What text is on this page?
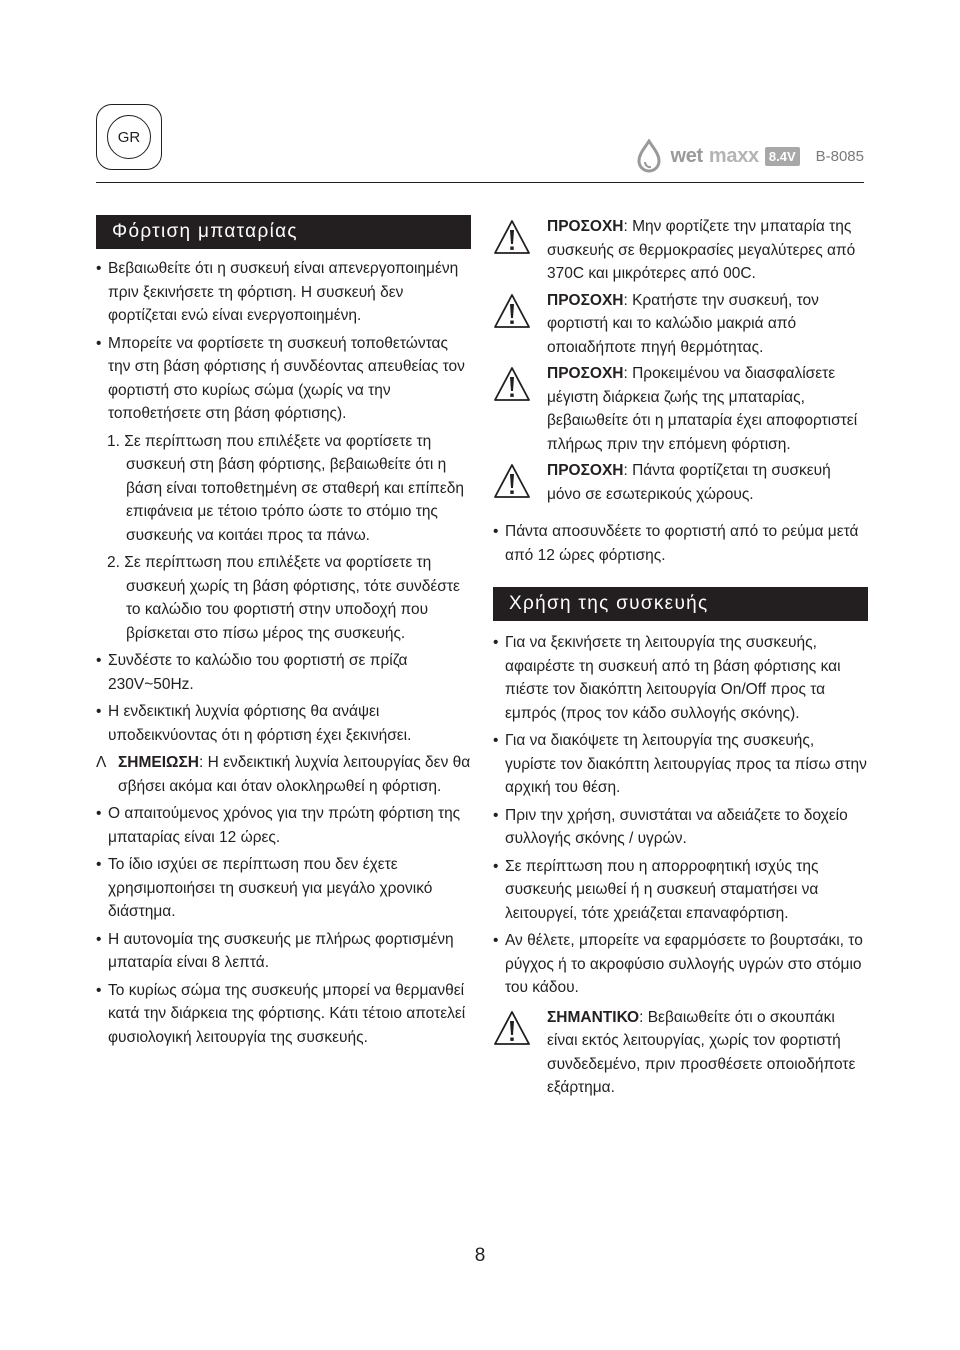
GR
wet maxx 8.4V B-8085
Φόρτιση μπαταρίας
• Βεβαιωθείτε ότι η συσκευή είναι απενεργοποιημένη πριν ξεκινήσετε τη φόρτιση. Η συσκευή δεν φορτίζεται ενώ είναι ενεργοποιημένη.
• Μπορείτε να φορτίσετε τη συσκευή τοποθετώντας την στη βάση φόρτισης ή συνδέοντας απευθείας τον φορτιστή στο κυρίως σώμα (χωρίς να την τοποθετήσετε στη βάση φόρτισης).
1. Σε περίπτωση που επιλέξετε να φορτίσετε τη συσκευή στη βάση φόρτισης, βεβαιωθείτε ότι η βάση είναι τοποθετημένη σε σταθερή και επίπεδη επιφάνεια με τέτοιο τρόπο ώστε το στόμιο της συσκευής να κοιτάει προς τα πάνω.
2. Σε περίπτωση που επιλέξετε να φορτίσετε τη συσκευή χωρίς τη βάση φόρτισης, τότε συνδέστε το καλώδιο του φορτιστή στην υποδοχή που βρίσκεται στο πίσω μέρος της συσκευής.
• Συνδέστε το καλώδιο του φορτιστή σε πρίζα 230V~50Hz.
• Η ενδεικτική λυχνία φόρτισης θα ανάψει υποδεικνύοντας ότι η φόρτιση έχει ξεκινήσει.
Λ ΣΗΜΕΙΩΣΗ: Η ενδεικτική λυχνία λειτουργίας δεν θα σβήσει ακόμα και όταν ολοκληρωθεί η φόρτιση.
• Ο απαιτούμενος χρόνος για την πρώτη φόρτιση της μπαταρίας είναι 12 ώρες.
• Το ίδιο ισχύει σε περίπτωση που δεν έχετε χρησιμοποιήσει τη συσκευή για μεγάλο χρονικό διάστημα.
• Η αυτονομία της συσκευής με πλήρως φορτισμένη μπαταρία είναι 8 λεπτά.
• Το κυρίως σώμα της συσκευής μπορεί να θερμανθεί κατά την διάρκεια της φόρτισης. Κάτι τέτοιο αποτελεί φυσιολογική λειτουργία της συσκευής.
ΠΡΟΣΟΧΗ: Μην φορτίζετε την μπαταρία της συσκευής σε θερμοκρασίες μεγαλύτερες από 370C και μικρότερες από 00C.
ΠΡΟΣΟΧΗ: Κρατήστε την συσκευή, τον φορτιστή και το καλώδιο μακριά από οποιαδήποτε πηγή θερμότητας.
ΠΡΟΣΟΧΗ: Προκειμένου να διασφαλίσετε μέγιστη διάρκεια ζωής της μπαταρίας, βεβαιωθείτε ότι η μπαταρία έχει αποφορτιστεί πλήρως πριν την επόμενη φόρτιση.
ΠΡΟΣΟΧΗ: Πάντα φορτίζεται τη συσκευή μόνο σε εσωτερικούς χώρους.
• Πάντα αποσυνδέετε το φορτιστή από το ρεύμα μετά από 12 ώρες φόρτισης.
Χρήση της συσκευής
• Για να ξεκινήσετε τη λειτουργία της συσκευής, αφαιρέστε τη συσκευή από τη βάση φόρτισης και πιέστε τον διακόπτη λειτουργία On/Off προς τα εμπρός (προς τον κάδο συλλογής σκόνης).
• Για να διακόψετε τη λειτουργία της συσκευής, γυρίστε τον διακόπτη λειτουργίας προς τα πίσω στην αρχική του θέση.
• Πριν την χρήση, συνιστάται να αδειάζετε το δοχείο συλλογής σκόνης / υγρών.
• Σε περίπτωση που η απορροφητική ισχύς της συσκευής μειωθεί ή η συσκευή σταματήσει να λειτουργεί, τότε χρειάζεται επαναφόρτιση.
• Αν θέλετε, μπορείτε να εφαρμόσετε το βουρτσάκι, το ρύγχος ή το ακροφύσιο συλλογής υγρών στο στόμιο του κάδου.
ΣΗΜΑΝΤΙΚΟ: Βεβαιωθείτε ότι ο σκουπάκι είναι εκτός λειτουργίας, χωρίς τον φορτιστή συνδεδεμένο, πριν προσθέσετε οποιοδήποτε εξάρτημα.
8
